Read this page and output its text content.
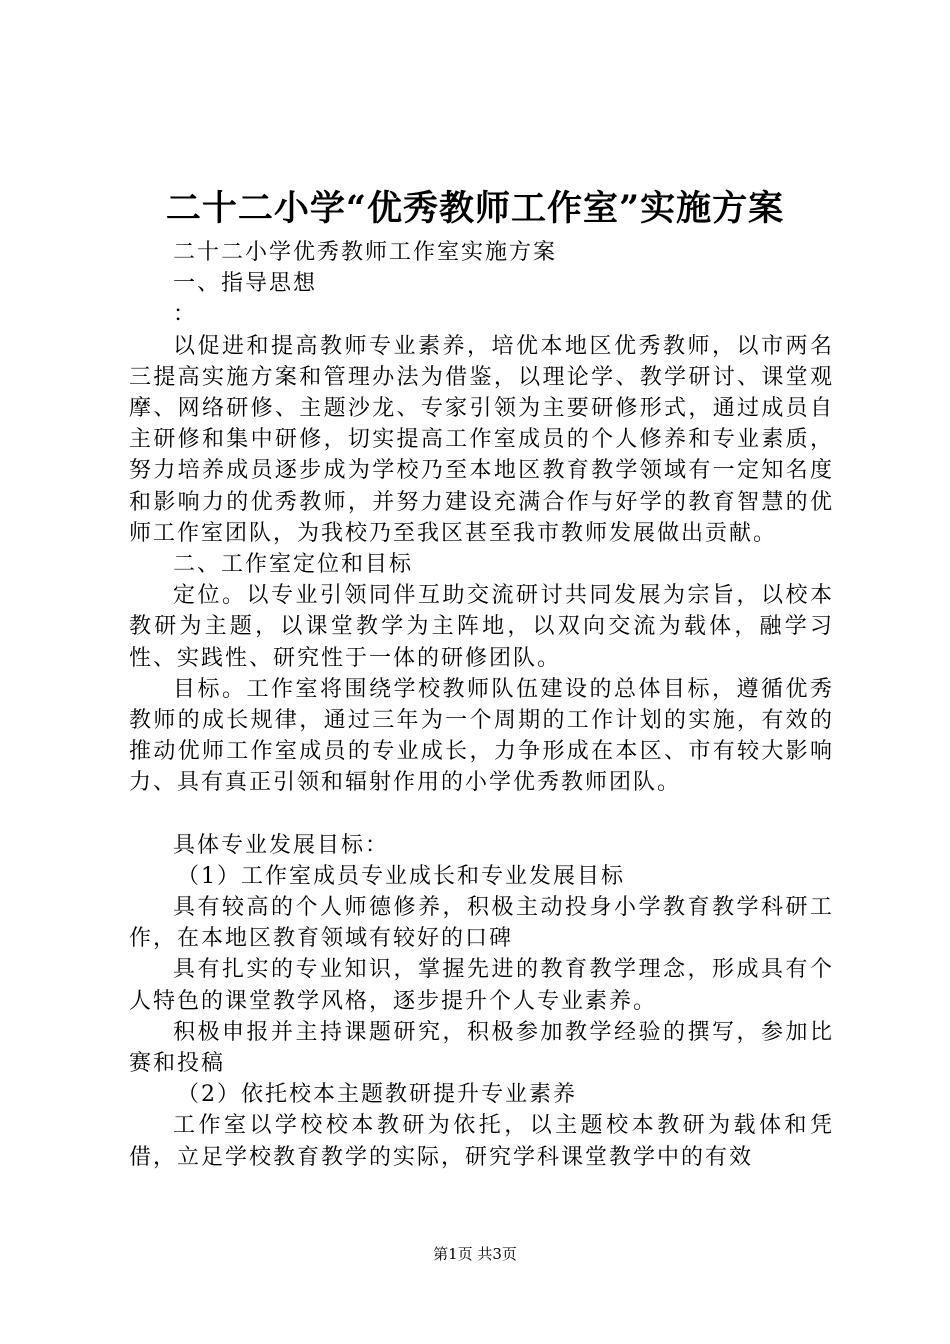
二十二小学“优秀教师工作室”实施方案

二十二小学优秀教师工作室实施方案

一、指导思想

：

以促进和提高教师专业素养，培优本地区优秀教师，以市两名三提高实施方案和管理办法为借鉴，以理论学、教学研讨、课堂观摩、网络研修、主题沙龙、专家引领为主要研修形式，通过成员自主研修和集中研修，切实提高工作室成员的个人修养和专业素质，努力培养成员逐步成为学校乃至本地区教育教学领域有一定知名度和影响力的优秀教师，并努力建设充满合作与好学的教育智慧的优师工作室团队，为我校乃至我区甚至我市教师发展做出贡献。

二、工作室定位和目标

定位。以专业引领同伴互助交流研讨共同发展为宗旨，以校本教研为主题，以课堂教学为主阵地，以双向交流为载体，融学习性、实践性、研究性于一体的研修团队。

目标。工作室将围绕学校教师队伍建设的总体目标，遵循优秀教师的成长规律，通过三年为一个周期的工作计划的实施，有效的推动优师工作室成员的专业成长，力争形成在本区、市有较大影响力、具有真正引领和辐射作用的小学优秀教师团队。

具体专业发展目标：

（1）工作室成员专业成长和专业发展目标

具有较高的个人师德修养，积极主动投身小学教育教学科研工作，在本地区教育领域有较好的口碑

具有扎实的专业知识，掌握先进的教育教学理念，形成具有个人特色的课堂教学风格，逐步提升个人专业素养。

积极申报并主持课题研究，积极参加教学经验的撰写，参加比赛和投稿

（2）依托校本主题教研提升专业素养

工作室以学校校本教研为依托，以主题校本教研为载体和凭借，立足学校教育教学的实际，研究学科课堂教学中的有效

第1页 共3页
